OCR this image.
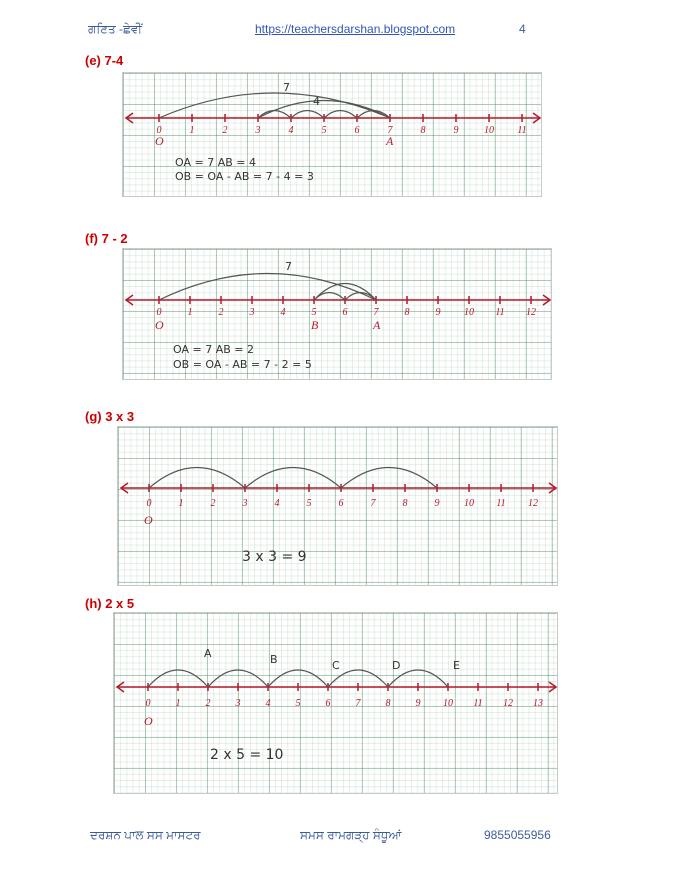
ਗਣਿਤ -ਛੇਵੀਂ	https://teachersdarshan.blogspot.com	4
(e) 7-4
0	1	2	3	4	5	6	7	8	9	10 11
7
4
O	A
OA = 7 AB = 4
OB = OA - AB = 7 - 4 = 3
(f) 7 - 2
0	1	2	3	4	5	6	7	8	9 10 11 12
7
O	B	A
OA = 7 AB = 2
OB = OA - AB = 7 - 2 = 5
(g) 3 x 3
0	1	2	3	4	5	6	7	8	9 10 11 12
O
3 x 3 = 9
(h) 2 x 5
0	1	2	3	4	5	6	7	8	9 10 11 12 13
A	B	C	D	E
O
2 x 5 = 10
ਦਰਸ਼ਨ ਪਾਲ ਸਸ ਮਾਸਟਰ	ਸਮਸ ਰਾਮਗੜ੍ਹ ਸੰਧੂਆਂ	9855055956
